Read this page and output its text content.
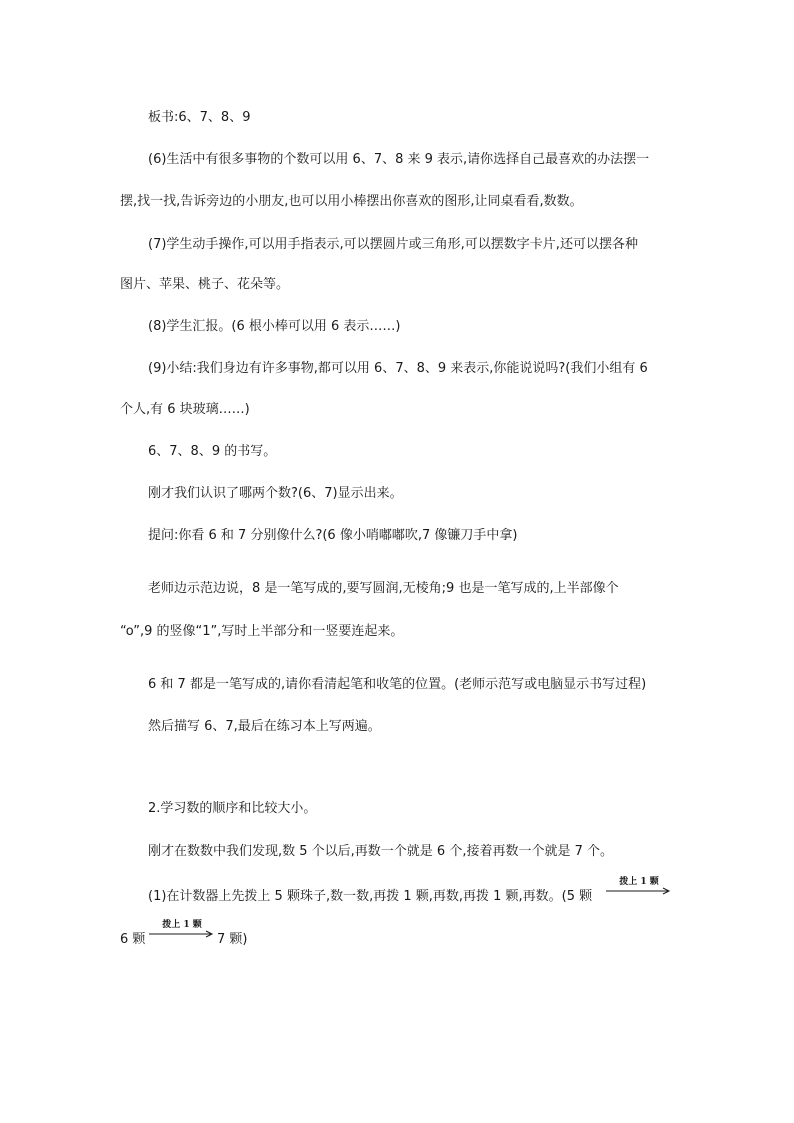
板书:6、7、8、9
(6)生活中有很多事物的个数可以用 6、7、8 来 9 表示,请你选择自己最喜欢的办法摆一
摆,找一找,告诉旁边的小朋友,也可以用小棒摆出你喜欢的图形,让同桌看看,数数。
(7)学生动手操作,可以用手指表示,可以摆圆片或三角形,可以摆数字卡片,还可以摆各种
图片、苹果、桃子、花朵等。
(8)学生汇报。(6 根小棒可以用 6 表示……)
(9)小结:我们身边有许多事物,都可以用 6、7、8、9 来表示,你能说说吗?(我们小组有 6
个人,有 6 块玻璃……)
6、7、8、9 的书写。
刚才我们认识了哪两个数?(6、7)显示出来。
提问:你看 6 和 7 分别像什么?(6 像小哨嘟嘟吹,7 像镰刀手中拿)
老师边示范边说，8 是一笔写成的,要写圆润,无棱角;9 也是一笔写成的,上半部像个
“o”,9 的竖像“1”,写时上半部分和一竖要连起来。
6 和 7 都是一笔写成的,请你看清起笔和收笔的位置。(老师示范写或电脑显示书写过程)
然后描写 6、7,最后在练习本上写两遍。
2.学习数的顺序和比较大小。
刚才在数数中我们发现,数 5 个以后,再数一个就是 6 个,接着再数一个就是 7 个。
(1)在计数器上先拨上 5 颗珠子,数一数,再拨 1 颗,再数,再拨 1 颗,再数。(5 颗
拨上 1 颗
6 颗
拨上 1 颗
7 颗)
